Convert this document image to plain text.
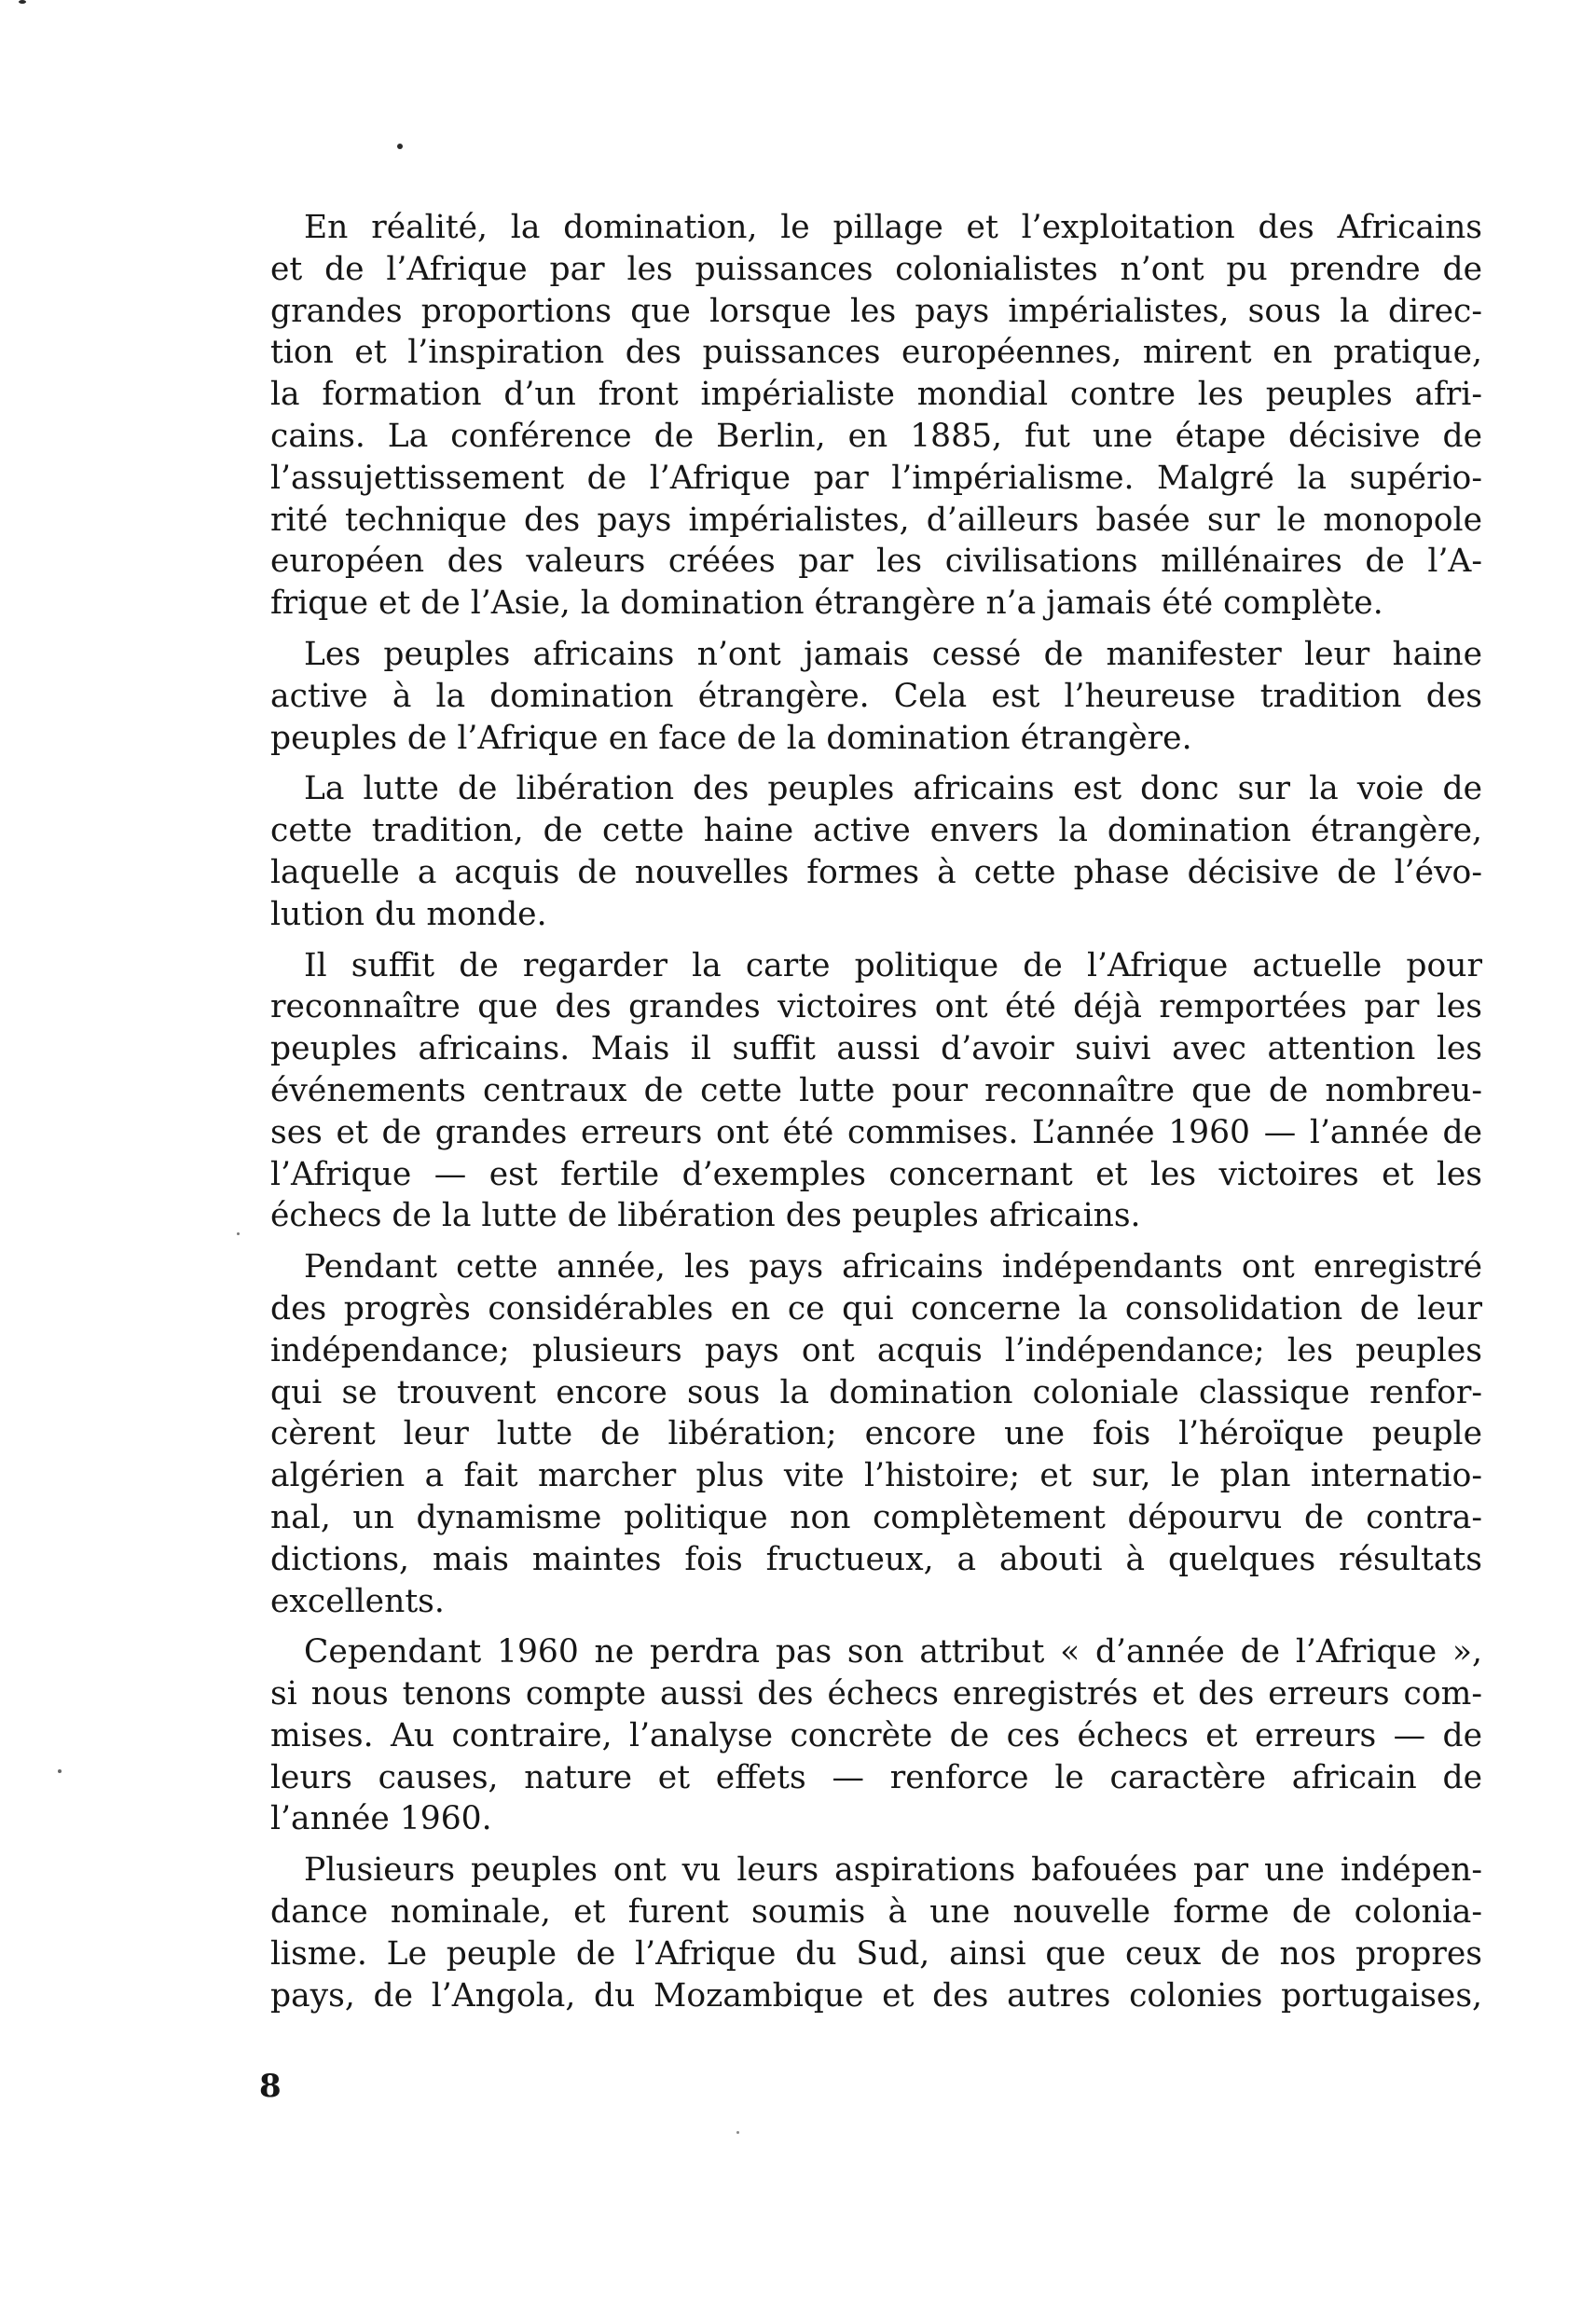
En réalité, la domination, le pillage et l’exploitation des Africains
et de l’Afrique par les puissances colonialistes n’ont pu prendre de
grandes proportions que lorsque les pays impérialistes, sous la direc-
tion et l’inspiration des puissances européennes, mirent en pratique,
la formation d’un front impérialiste mondial contre les peuples afri-
cains. La conférence de Berlin, en 1885, fut une étape décisive de
l’assujettissement de l’Afrique par l’impérialisme. Malgré la supério-
rité technique des pays impérialistes, d’ailleurs basée sur le monopole
européen des valeurs créées par les civilisations millénaires de l’A-
frique et de l’Asie, la domination étrangère n’a jamais été complète.
Les peuples africains n’ont jamais cessé de manifester leur haine
active à la domination étrangère. Cela est l’heureuse tradition des
peuples de l’Afrique en face de la domination étrangère.
La lutte de libération des peuples africains est donc sur la voie de
cette tradition, de cette haine active envers la domination étrangère,
laquelle a acquis de nouvelles formes à cette phase décisive de l’évo-
lution du monde.
Il suffit de regarder la carte politique de l’Afrique actuelle pour
reconnaître que des grandes victoires ont été déjà remportées par les
peuples africains. Mais il suffit aussi d’avoir suivi avec attention les
événements centraux de cette lutte pour reconnaître que de nombreu-
ses et de grandes erreurs ont été commises. L’année 1960 — l’année de
l’Afrique — est fertile d’exemples concernant et les victoires et les
échecs de la lutte de libération des peuples africains.
Pendant cette année, les pays africains indépendants ont enregistré
des progrès considérables en ce qui concerne la consolidation de leur
indépendance; plusieurs pays ont acquis l’indépendance; les peuples
qui se trouvent encore sous la domination coloniale classique renfor-
cèrent leur lutte de libération; encore une fois l’héroïque peuple
algérien a fait marcher plus vite l’histoire; et sur, le plan internatio-
nal, un dynamisme politique non complètement dépourvu de contra-
dictions, mais maintes fois fructueux, a abouti à quelques résultats
excellents.
Cependant 1960 ne perdra pas son attribut « d’année de l’Afrique »,
si nous tenons compte aussi des échecs enregistrés et des erreurs com-
mises. Au contraire, l’analyse concrète de ces échecs et erreurs — de
leurs causes, nature et effets — renforce le caractère africain de
l’année 1960.
Plusieurs peuples ont vu leurs aspirations bafouées par une indépen-
dance nominale, et furent soumis à une nouvelle forme de colonia-
lisme. Le peuple de l’Afrique du Sud, ainsi que ceux de nos propres
pays, de l’Angola, du Mozambique et des autres colonies portugaises,
8
